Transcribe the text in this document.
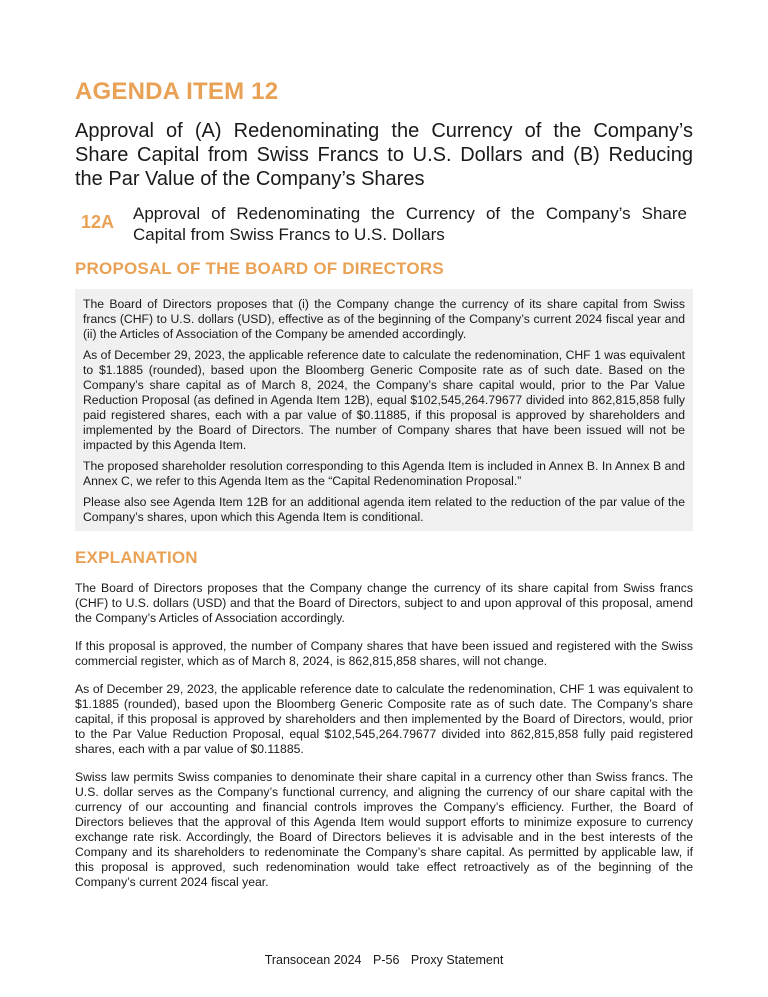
AGENDA ITEM 12
Approval of (A) Redenominating the Currency of the Company’s Share Capital from Swiss Francs to U.S. Dollars and (B) Reducing the Par Value of the Company’s Shares
12A Approval of Redenominating the Currency of the Company’s Share Capital from Swiss Francs to U.S. Dollars
PROPOSAL OF THE BOARD OF DIRECTORS

The Board of Directors proposes that (i) the Company change the currency of its share capital from Swiss francs (CHF) to U.S. dollars (USD), effective as of the beginning of the Company’s current 2024 fiscal year and (ii) the Articles of Association of the Company be amended accordingly.

As of December 29, 2023, the applicable reference date to calculate the redenomination, CHF 1 was equivalent to $1.1885 (rounded), based upon the Bloomberg Generic Composite rate as of such date. Based on the Company’s share capital as of March 8, 2024, the Company’s share capital would, prior to the Par Value Reduction Proposal (as defined in Agenda Item 12B), equal $102,545,264.79677 divided into 862,815,858 fully paid registered shares, each with a par value of $0.11885, if this proposal is approved by shareholders and implemented by the Board of Directors. The number of Company shares that have been issued will not be impacted by this Agenda Item.

The proposed shareholder resolution corresponding to this Agenda Item is included in Annex B. In Annex B and Annex C, we refer to this Agenda Item as the “Capital Redenomination Proposal.”

Please also see Agenda Item 12B for an additional agenda item related to the reduction of the par value of the Company’s shares, upon which this Agenda Item is conditional.

EXPLANATION

The Board of Directors proposes that the Company change the currency of its share capital from Swiss francs (CHF) to U.S. dollars (USD) and that the Board of Directors, subject to and upon approval of this proposal, amend the Company’s Articles of Association accordingly.

If this proposal is approved, the number of Company shares that have been issued and registered with the Swiss commercial register, which as of March 8, 2024, is 862,815,858 shares, will not change.

As of December 29, 2023, the applicable reference date to calculate the redenomination, CHF 1 was equivalent to $1.1885 (rounded), based upon the Bloomberg Generic Composite rate as of such date. The Company’s share capital, if this proposal is approved by shareholders and then implemented by the Board of Directors, would, prior to the Par Value Reduction Proposal, equal $102,545,264.79677 divided into 862,815,858 fully paid registered shares, each with a par value of $0.11885.

Swiss law permits Swiss companies to denominate their share capital in a currency other than Swiss francs. The U.S. dollar serves as the Company’s functional currency, and aligning the currency of our share capital with the currency of our accounting and financial controls improves the Company’s efficiency. Further, the Board of Directors believes that the approval of this Agenda Item would support efforts to minimize exposure to currency exchange rate risk. Accordingly, the Board of Directors believes it is advisable and in the best interests of the Company and its shareholders to redenominate the Company’s share capital. As permitted by applicable law, if this proposal is approved, such redenomination would take effect retroactively as of the beginning of the Company’s current 2024 fiscal year.

Transocean 2024 P-56 Proxy Statement
